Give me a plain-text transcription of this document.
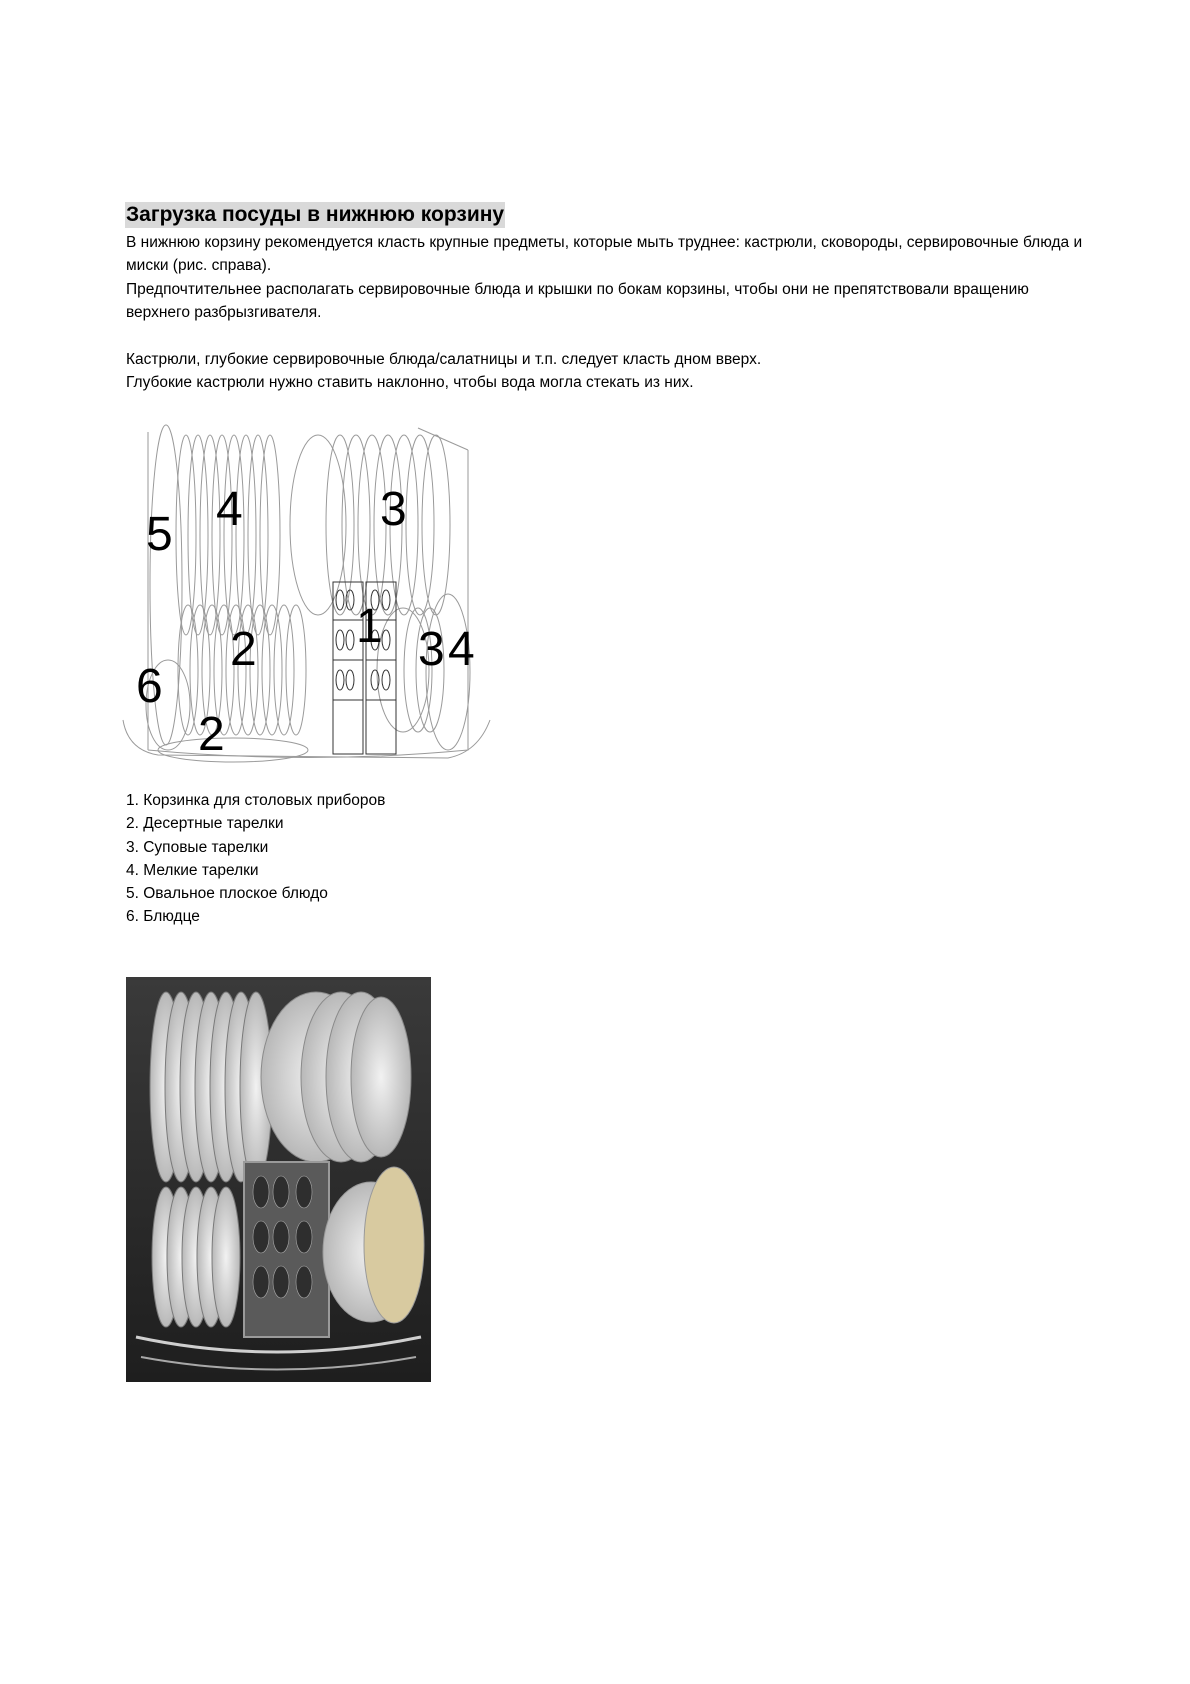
Загрузка посуды в нижнюю корзину

В нижнюю корзину рекомендуется класть крупные предметы, которые мыть труднее: кастрюли, сковороды, сервировочные блюда и миски (рис. справа).

Предпочтительнее располагать сервировочные блюда и крышки по бокам корзины, чтобы они не препятствовали вращению верхнего разбрызгивателя.

Кастрюли, глубокие сервировочные блюда/салатницы и т.п. следует класть дном вверх.

Глубокие кастрюли нужно ставить наклонно, чтобы вода могла стекать из них.

5 4	3
1
2	3 4
6
2
1. Корзинка для столовых приборов
2. Десертные тарелки
3. Суповые тарелки
4. Мелкие тарелки
5. Овальное плоское блюдо
6. Блюдце
